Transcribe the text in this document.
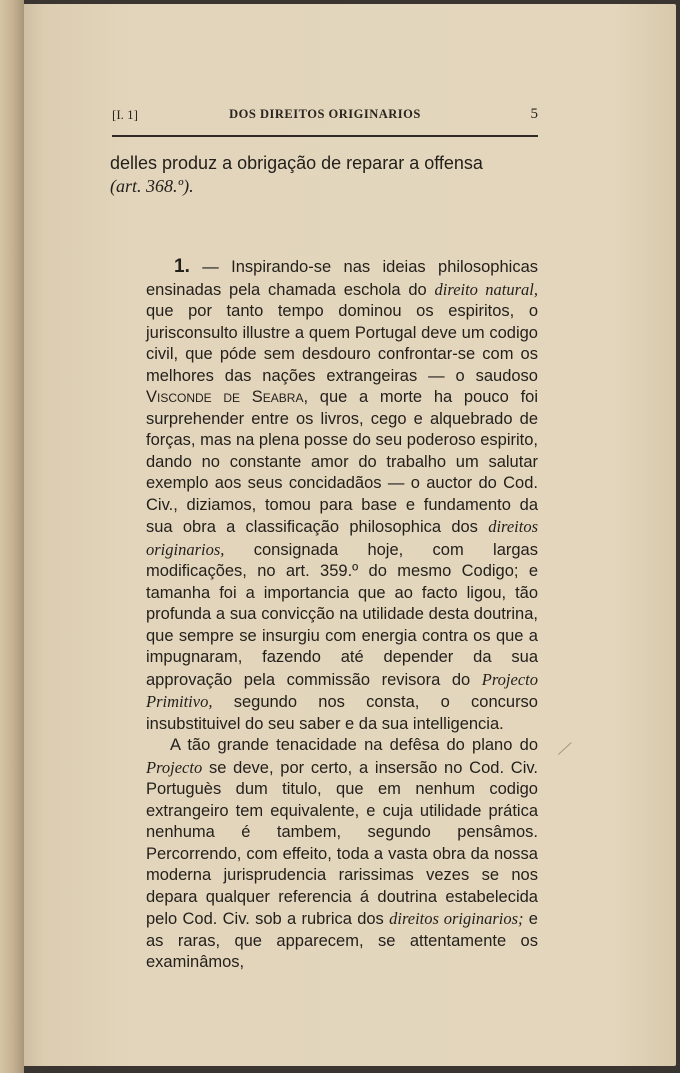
[I. 1]	DOS DIREITOS ORIGINARIOS	5

delles produz a obrigação de reparar a offensa
(art. 368.º).

1. — Inspirando-se nas ideias philosophicas ensinadas pela chamada eschola do direito natural, que por tanto tempo dominou os espiritos, o jurisconsulto illustre a quem Portugal deve um codigo civil, que póde sem desdouro confrontar-se com os melhores das nações extrangeiras — o saudoso Visconde de Seabra, que a morte ha pouco foi surprehender entre os livros, cego e alquebrado de forças, mas na plena posse do seu poderoso espirito, dando no constante amor do trabalho um salutar exemplo aos seus concidadãos — o auctor do Cod. Civ., diziamos, tomou para base e fundamento da sua obra a classificação philosophica dos direitos originarios, consignada hoje, com largas modificações, no art. 359.º do mesmo Codigo; e tamanha foi a importancia que ao facto ligou, tão profunda a sua convicção na utilidade desta doutrina, que sempre se insurgiu com energia contra os que a impugnaram, fazendo até depender da sua approvação pela commissão revisora do Projecto Primitivo, segundo nos consta, o concurso insubstituivel do seu saber e da sua intelligencia.

A tão grande tenacidade na defêsa do plano do Projecto se deve, por certo, a insersão no Cod. Civ. Portuguès dum titulo, que em nenhum codigo extrangeiro tem equivalente, e cuja utilidade prática nenhuma é tambem, segundo pensâmos. Percorrendo, com effeito, toda a vasta obra da nossa moderna jurisprudencia rarissimas vezes se nos depara qualquer referencia á doutrina estabelecida pelo Cod. Civ. sob a rubrica dos direitos originarios; e as raras, que apparecem, se attentamente os examinâmos,

⁄
